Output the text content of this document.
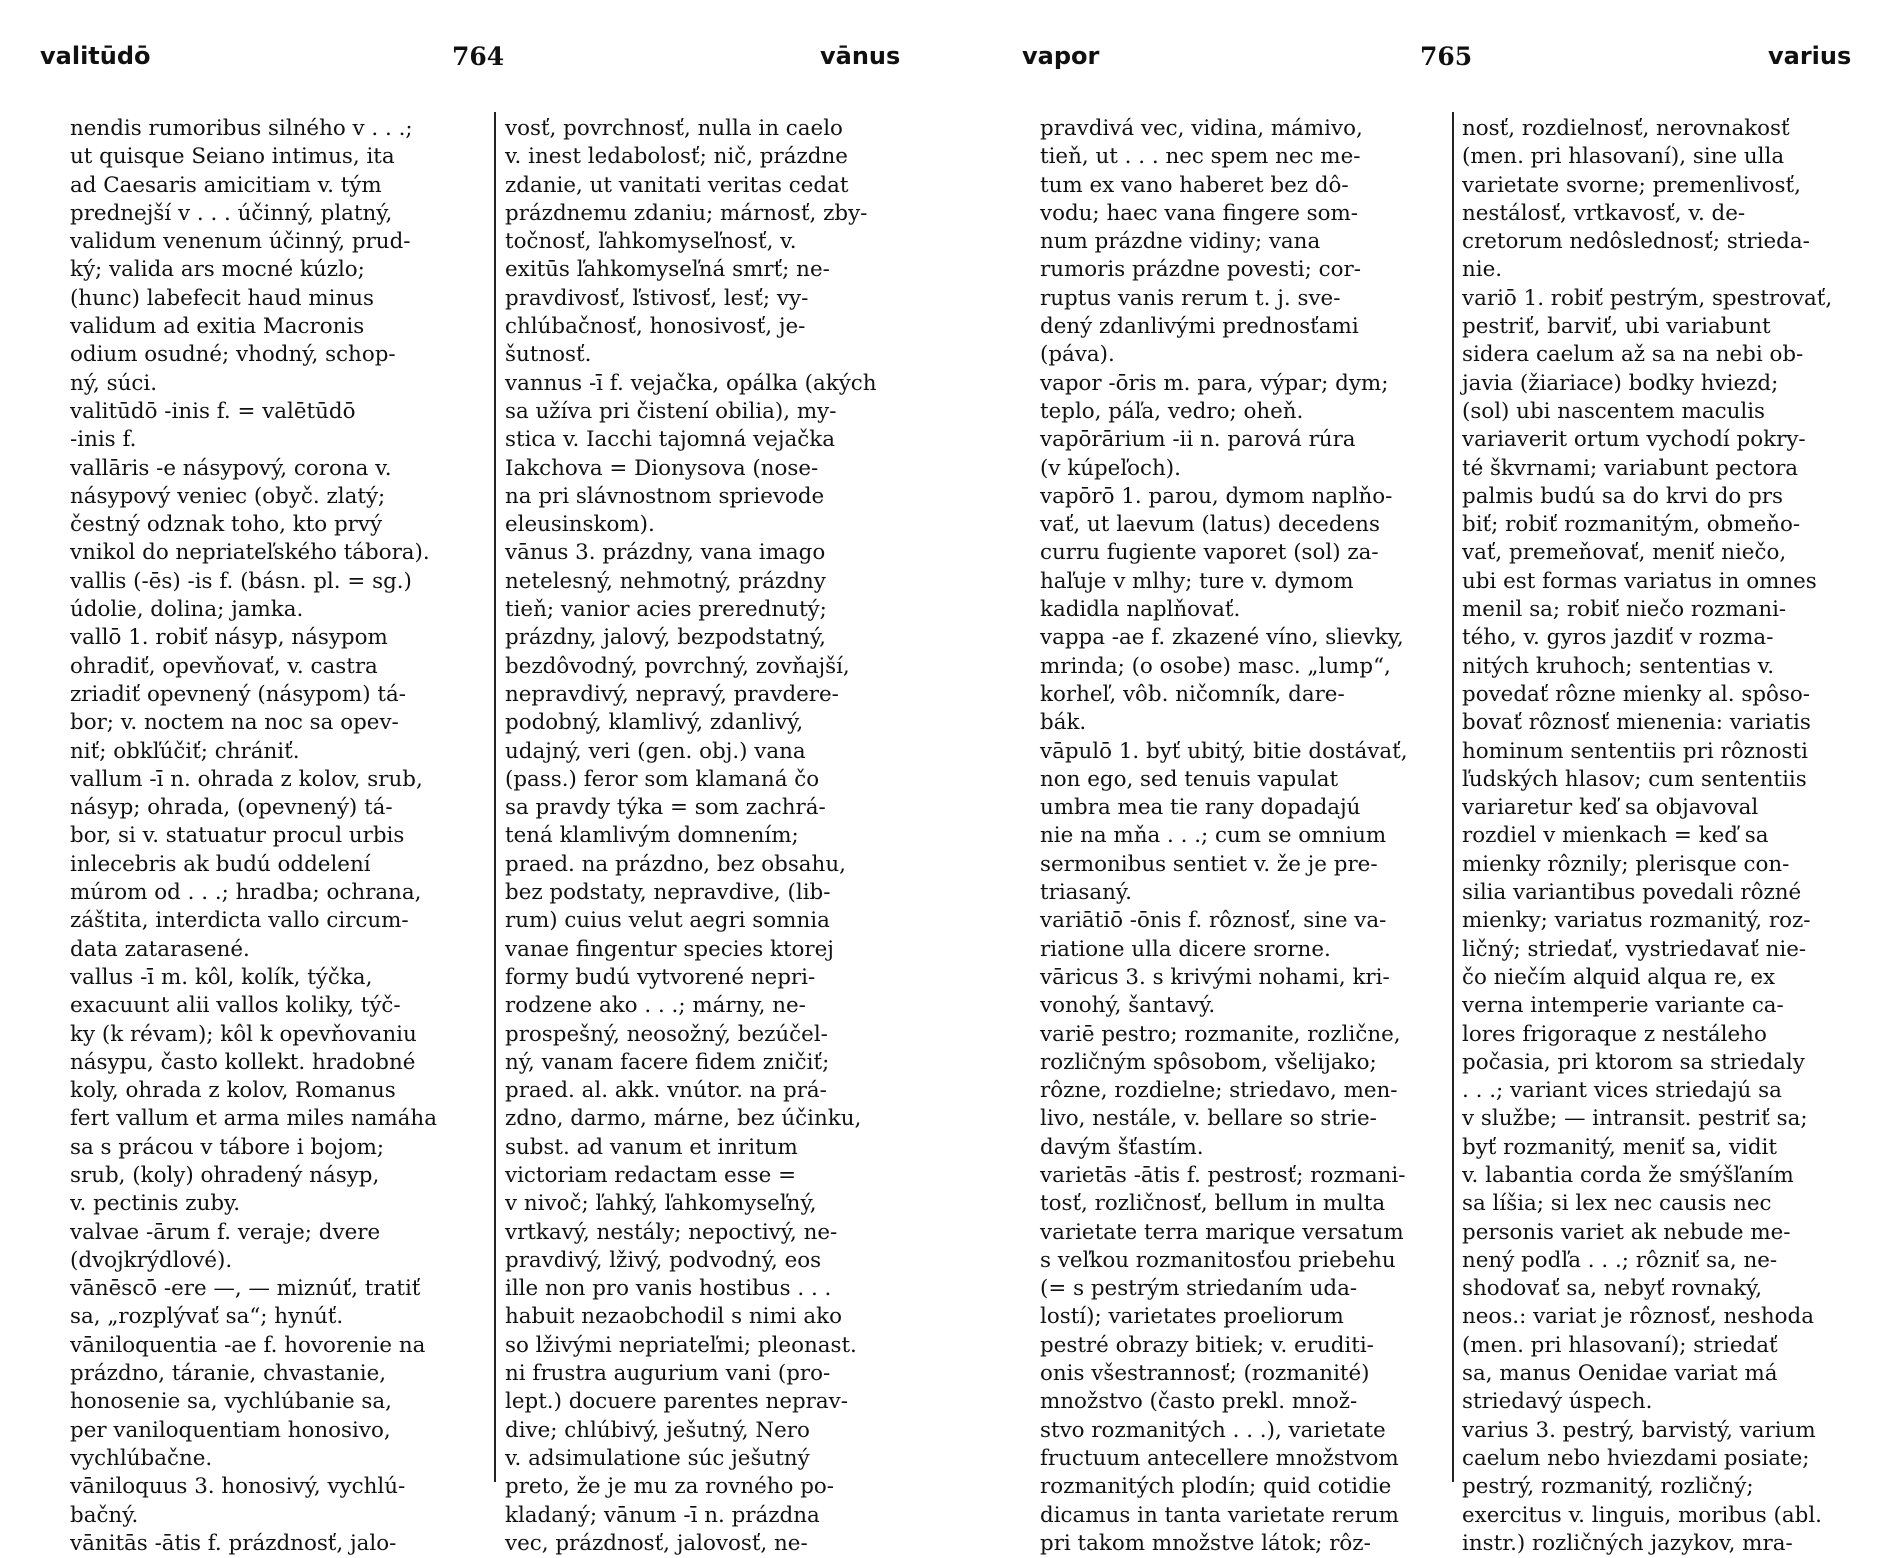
valitūdō	764	vānus
nendis rumoribus silného v . . .;
ut quisque Seiano intimus, ita
ad Caesaris amicitiam v. tým
prednejší v . . . účinný, platný,
validum venenum účinný, prud-
ký; valida ars mocné kúzlo;
(hunc) labefecit haud minus
validum ad exitia Macronis
odium osudné; vhodný, schop-
ný, súci.
valitūdō -inis f. = valētūdō
-inis f.
vallāris -e násypový, corona v.
násypový veniec (obyč. zlatý;
čestný odznak toho, kto prvý
vnikol do nepriateľského tábora).
vallis (-ēs) -is f. (básn. pl. = sg.)
údolie, dolina; jamka.
vallō 1. robiť násyp, násypom
ohradiť, opevňovať, v. castra
zriadiť opevnený (násypom) tá-
bor; v. noctem na noc sa opev-
niť; obkľúčiť; chrániť.
vallum -ī n. ohrada z kolov, srub,
násyp; ohrada, (opevnený) tá-
bor, si v. statuatur procul urbis
inlecebris ak budú oddelení
múrom od . . .; hradba; ochrana,
záštita, interdicta vallo circum-
data zatarasené.
vallus -ī m. kôl, kolík, týčka,
exacuunt alii vallos koliky, týč-
ky (k révam); kôl k opevňovaniu
násypu, často kollekt. hradobné
koly, ohrada z kolov, Romanus
fert vallum et arma miles namáha
sa s prácou v tábore i bojom;
srub, (koly) ohradený násyp,
v. pectinis zuby.
valvae -ārum f. veraje; dvere
(dvojkrýdlové).
vānēscō -ere —, — miznúť, tratiť
sa, „rozplývať sa“; hynúť.
vāniloquentia -ae f. hovorenie na
prázdno, táranie, chvastanie,
honosenie sa, vychlúbanie sa,
per vaniloquentiam honosivo,
vychlúbačne.
vāniloquus 3. honosivý, vychlú-
bačný.
vānitās -ātis f. prázdnosť, jalo-
vosť, povrchnosť, nulla in caelo
v. inest ledabolosť; nič, prázdne
zdanie, ut vanitati veritas cedat
prázdnemu zdaniu; márnosť, zby-
točnosť, ľahkomyseľnosť, v.
exitūs ľahkomyseľná smrť; ne-
pravdivosť, ľstivosť, lesť; vy-
chlúbačnosť, honosivosť, je-
šutnosť.
vannus -ī f. vejačka, opálka (akých
sa užíva pri čistení obilia), my-
stica v. Iacchi tajomná vejačka
Iakchova = Dionysova (nose-
na pri slávnostnom sprievode
eleusinskom).
vānus 3. prázdny, vana imago
netelesný, nehmotný, prázdny
tieň; vanior acies prerednutý;
prázdny, jalový, bezpodstatný,
bezdôvodný, povrchný, zovňajší,
nepravdivý, nepravý, pravdere-
podobný, klamlivý, zdanlivý,
udajný, veri (gen. obj.) vana
(pass.) feror som klamaná čo
sa pravdy týka = som zachrá-
tená klamlivým domnením;
praed. na prázdno, bez obsahu,
bez podstaty, nepravdive, (lib-
rum) cuius velut aegri somnia
vanae fingentur species ktorej
formy budú vytvorené nepri-
rodzene ako . . .; márny, ne-
prospešný, neosožný, bezúčel-
ný, vanam facere fidem zničiť;
praed. al. akk. vnútor. na prá-
zdno, darmo, márne, bez účinku,
subst. ad vanum et inritum
victoriam redactam esse =
v nivoč; ľahký, ľahkomyseľný,
vrtkavý, nestály; nepoctivý, ne-
pravdivý, lživý, podvodný, eos
ille non pro vanis hostibus . . .
habuit nezaobchodil s nimi ako
so lživými nepriateľmi; pleonast.
ni frustra augurium vani (pro-
lept.) docuere parentes neprav-
dive; chlúbivý, ješutný, Nero
v. adsimulatione súc ješutný
preto, že je mu za rovného po-
kladaný; vānum -ī n. prázdna
vec, prázdnosť, jalovosť, ne-
vapor	765	varius
pravdivá vec, vidina, mámivo,
tieň, ut . . . nec spem nec me-
tum ex vano haberet bez dô-
vodu; haec vana fingere som-
num prázdne vidiny; vana
rumoris prázdne povesti; cor-
ruptus vanis rerum t. j. sve-
dený zdanlivými prednosťami
(páva).
vapor -ōris m. para, výpar; dym;
teplo, páľa, vedro; oheň.
vapōrārium -ii n. parová rúra
(v kúpeľoch).
vapōrō 1. parou, dymom naplňo-
vať, ut laevum (latus) decedens
curru fugiente vaporet (sol) za-
haľuje v mlhy; ture v. dymom
kadidla naplňovať.
vappa -ae f. zkazené víno, slievky,
mrinda; (o osobe) masc. „lump“,
korheľ, vôb. ničomník, dare-
bák.
vāpulō 1. byť ubitý, bitie dostávať,
non ego, sed tenuis vapulat
umbra mea tie rany dopadajú
nie na mňa . . .; cum se omnium
sermonibus sentiet v. že je pre-
triasaný.
variātiō -ōnis f. rôznosť, sine va-
riatione ulla dicere srorne.
vāricus 3. s krivými nohami, kri-
vonohý, šantavý.
variē pestro; rozmanite, rozlične,
rozličným spôsobom, všelijako;
rôzne, rozdielne; striedavo, men-
livo, nestále, v. bellare so strie-
davým šťastím.
varietās -ātis f. pestrosť; rozmani-
tosť, rozličnosť, bellum in multa
varietate terra marique versatum
s veľkou rozmanitosťou priebehu
(= s pestrým striedaním uda-
lostí); varietates proeliorum
pestré obrazy bitiek; v. eruditi-
onis všestrannosť; (rozmanité)
množstvo (často prekl. množ-
stvo rozmanitých . . .), varietate
fructuum antecellere množstvom
rozmanitých plodín; quid cotidie
dicamus in tanta varietate rerum
pri takom množstve látok; rôz-
nosť, rozdielnosť, nerovnakosť
(men. pri hlasovaní), sine ulla
varietate svorne; premenlivosť,
nestálosť, vrtkavosť, v. de-
cretorum nedôslednosť; strieda-
nie.
variō 1. robiť pestrým, spestrovať,
pestriť, barviť, ubi variabunt
sidera caelum až sa na nebi ob-
javia (žiariace) bodky hviezd;
(sol) ubi nascentem maculis
variaverit ortum vychodí pokry-
té škvrnami; variabunt pectora
palmis budú sa do krvi do prs
biť; robiť rozmanitým, obmeňo-
vať, premeňovať, meniť niečo,
ubi est formas variatus in omnes
menil sa; robiť niečo rozmani-
tého, v. gyros jazdiť v rozma-
nitých kruhoch; sententias v.
povedať rôzne mienky al. spôso-
bovať rôznosť mienenia: variatis
hominum sententiis pri rôznosti
ľudských hlasov; cum sententiis
variaretur keď sa objavoval
rozdiel v mienkach = keď sa
mienky rôznily; plerisque con-
silia variantibus povedali rôzné
mienky; variatus rozmanitý, roz-
ličný; striedať, vystriedavať nie-
čo niečím alquid alqua re, ex
verna intemperie variante ca-
lores frigoraque z nestáleho
počasia, pri ktorom sa striedaly
. . .; variant vices striedajú sa
v službe; — intransit. pestriť sa;
byť rozmanitý, meniť sa, vidit
v. labantia corda že smýšľaním
sa líšia; si lex nec causis nec
personis variet ak nebude me-
nený podľa . . .; rôzniť sa, ne-
shodovať sa, nebyť rovnaký,
neos.: variat je rôznosť, neshoda
(men. pri hlasovaní); striedať
sa, manus Oenidae variat má
striedavý úspech.
varius 3. pestrý, barvistý, varium
caelum nebo hviezdami posiate;
pestrý, rozmanitý, rozličný;
exercitus v. linguis, moribus (abl.
instr.) rozličných jazykov, mra-
